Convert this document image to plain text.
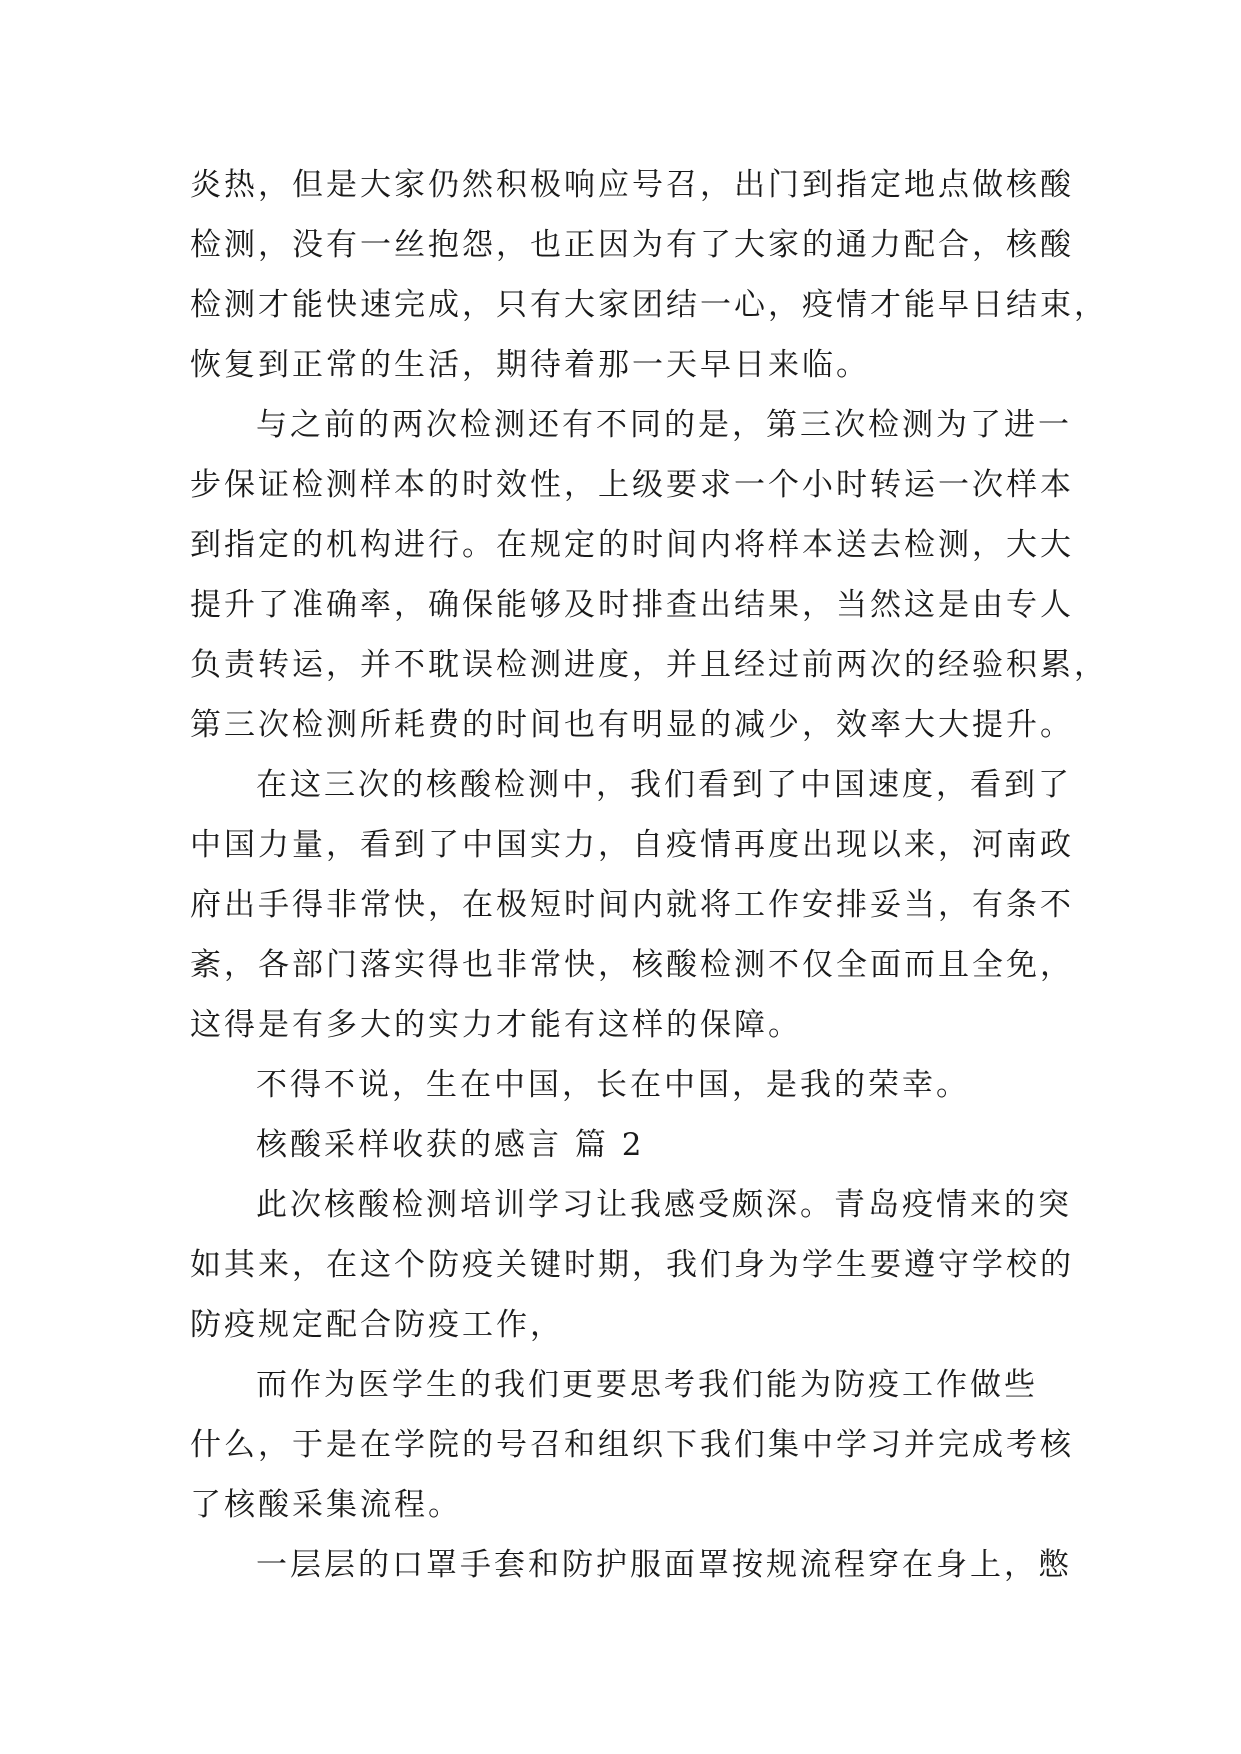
炎热，但是大家仍然积极响应号召，出门到指定地点做核酸
检测，没有一丝抱怨，也正因为有了大家的通力配合，核酸
检测才能快速完成，只有大家团结一心，疫情才能早日结束，
恢复到正常的生活，期待着那一天早日来临。
与之前的两次检测还有不同的是，第三次检测为了进一
步保证检测样本的时效性，上级要求一个小时转运一次样本
到指定的机构进行。在规定的时间内将样本送去检测，大大
提升了准确率，确保能够及时排查出结果，当然这是由专人
负责转运，并不耽误检测进度，并且经过前两次的经验积累，
第三次检测所耗费的时间也有明显的减少，效率大大提升。
在这三次的核酸检测中，我们看到了中国速度，看到了
中国力量，看到了中国实力，自疫情再度出现以来，河南政
府出手得非常快，在极短时间内就将工作安排妥当，有条不
紊，各部门落实得也非常快，核酸检测不仅全面而且全免，
这得是有多大的实力才能有这样的保障。
不得不说，生在中国，长在中国，是我的荣幸。
核酸采样收获的感言 篇 2
此次核酸检测培训学习让我感受颇深。青岛疫情来的突
如其来，在这个防疫关键时期，我们身为学生要遵守学校的
防疫规定配合防疫工作，
而作为医学生的我们更要思考我们能为防疫工作做些
什么，于是在学院的号召和组织下我们集中学习并完成考核
了核酸采集流程。
一层层的口罩手套和防护服面罩按规流程穿在身上，憋
